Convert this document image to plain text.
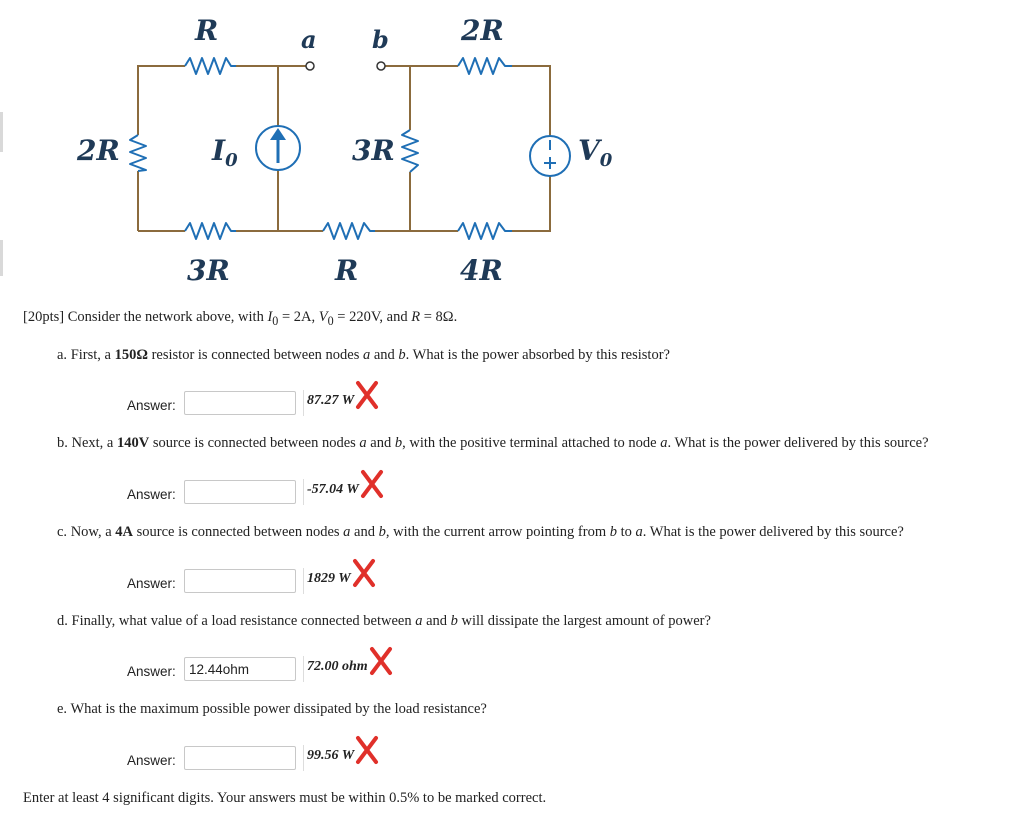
R	a b	2R
2R	$I_0$	3R	$V_0$
3R	R	4R
[20pts] Consider the network above, with $I_0 = 2A$, $V_0 = 220V$, and R = 8Ω.
a. First, a 150Ω resistor is connected between nodes a and b. What is the power absorbed by this resistor?
Answer:	87.27 W
b. Next, a 140V source is connected between nodes a and b, with the positive terminal attached to node a. What is the power delivered by this source?
Answer:	-57.04 W
c. Now, a 4A source is connected between nodes a and b, with the current arrow pointing from b to a. What is the power delivered by this source?
Answer:	1829 W
d. Finally, what value of a load resistance connected between a and b will dissipate the largest amount of power?
Answer:
12.44ohm	72.00 ohm
e. What is the maximum possible power dissipated by the load resistance?
Answer:	99.56 W
Enter at least 4 significant digits. Your answers must be within 0.5% to be marked correct.
